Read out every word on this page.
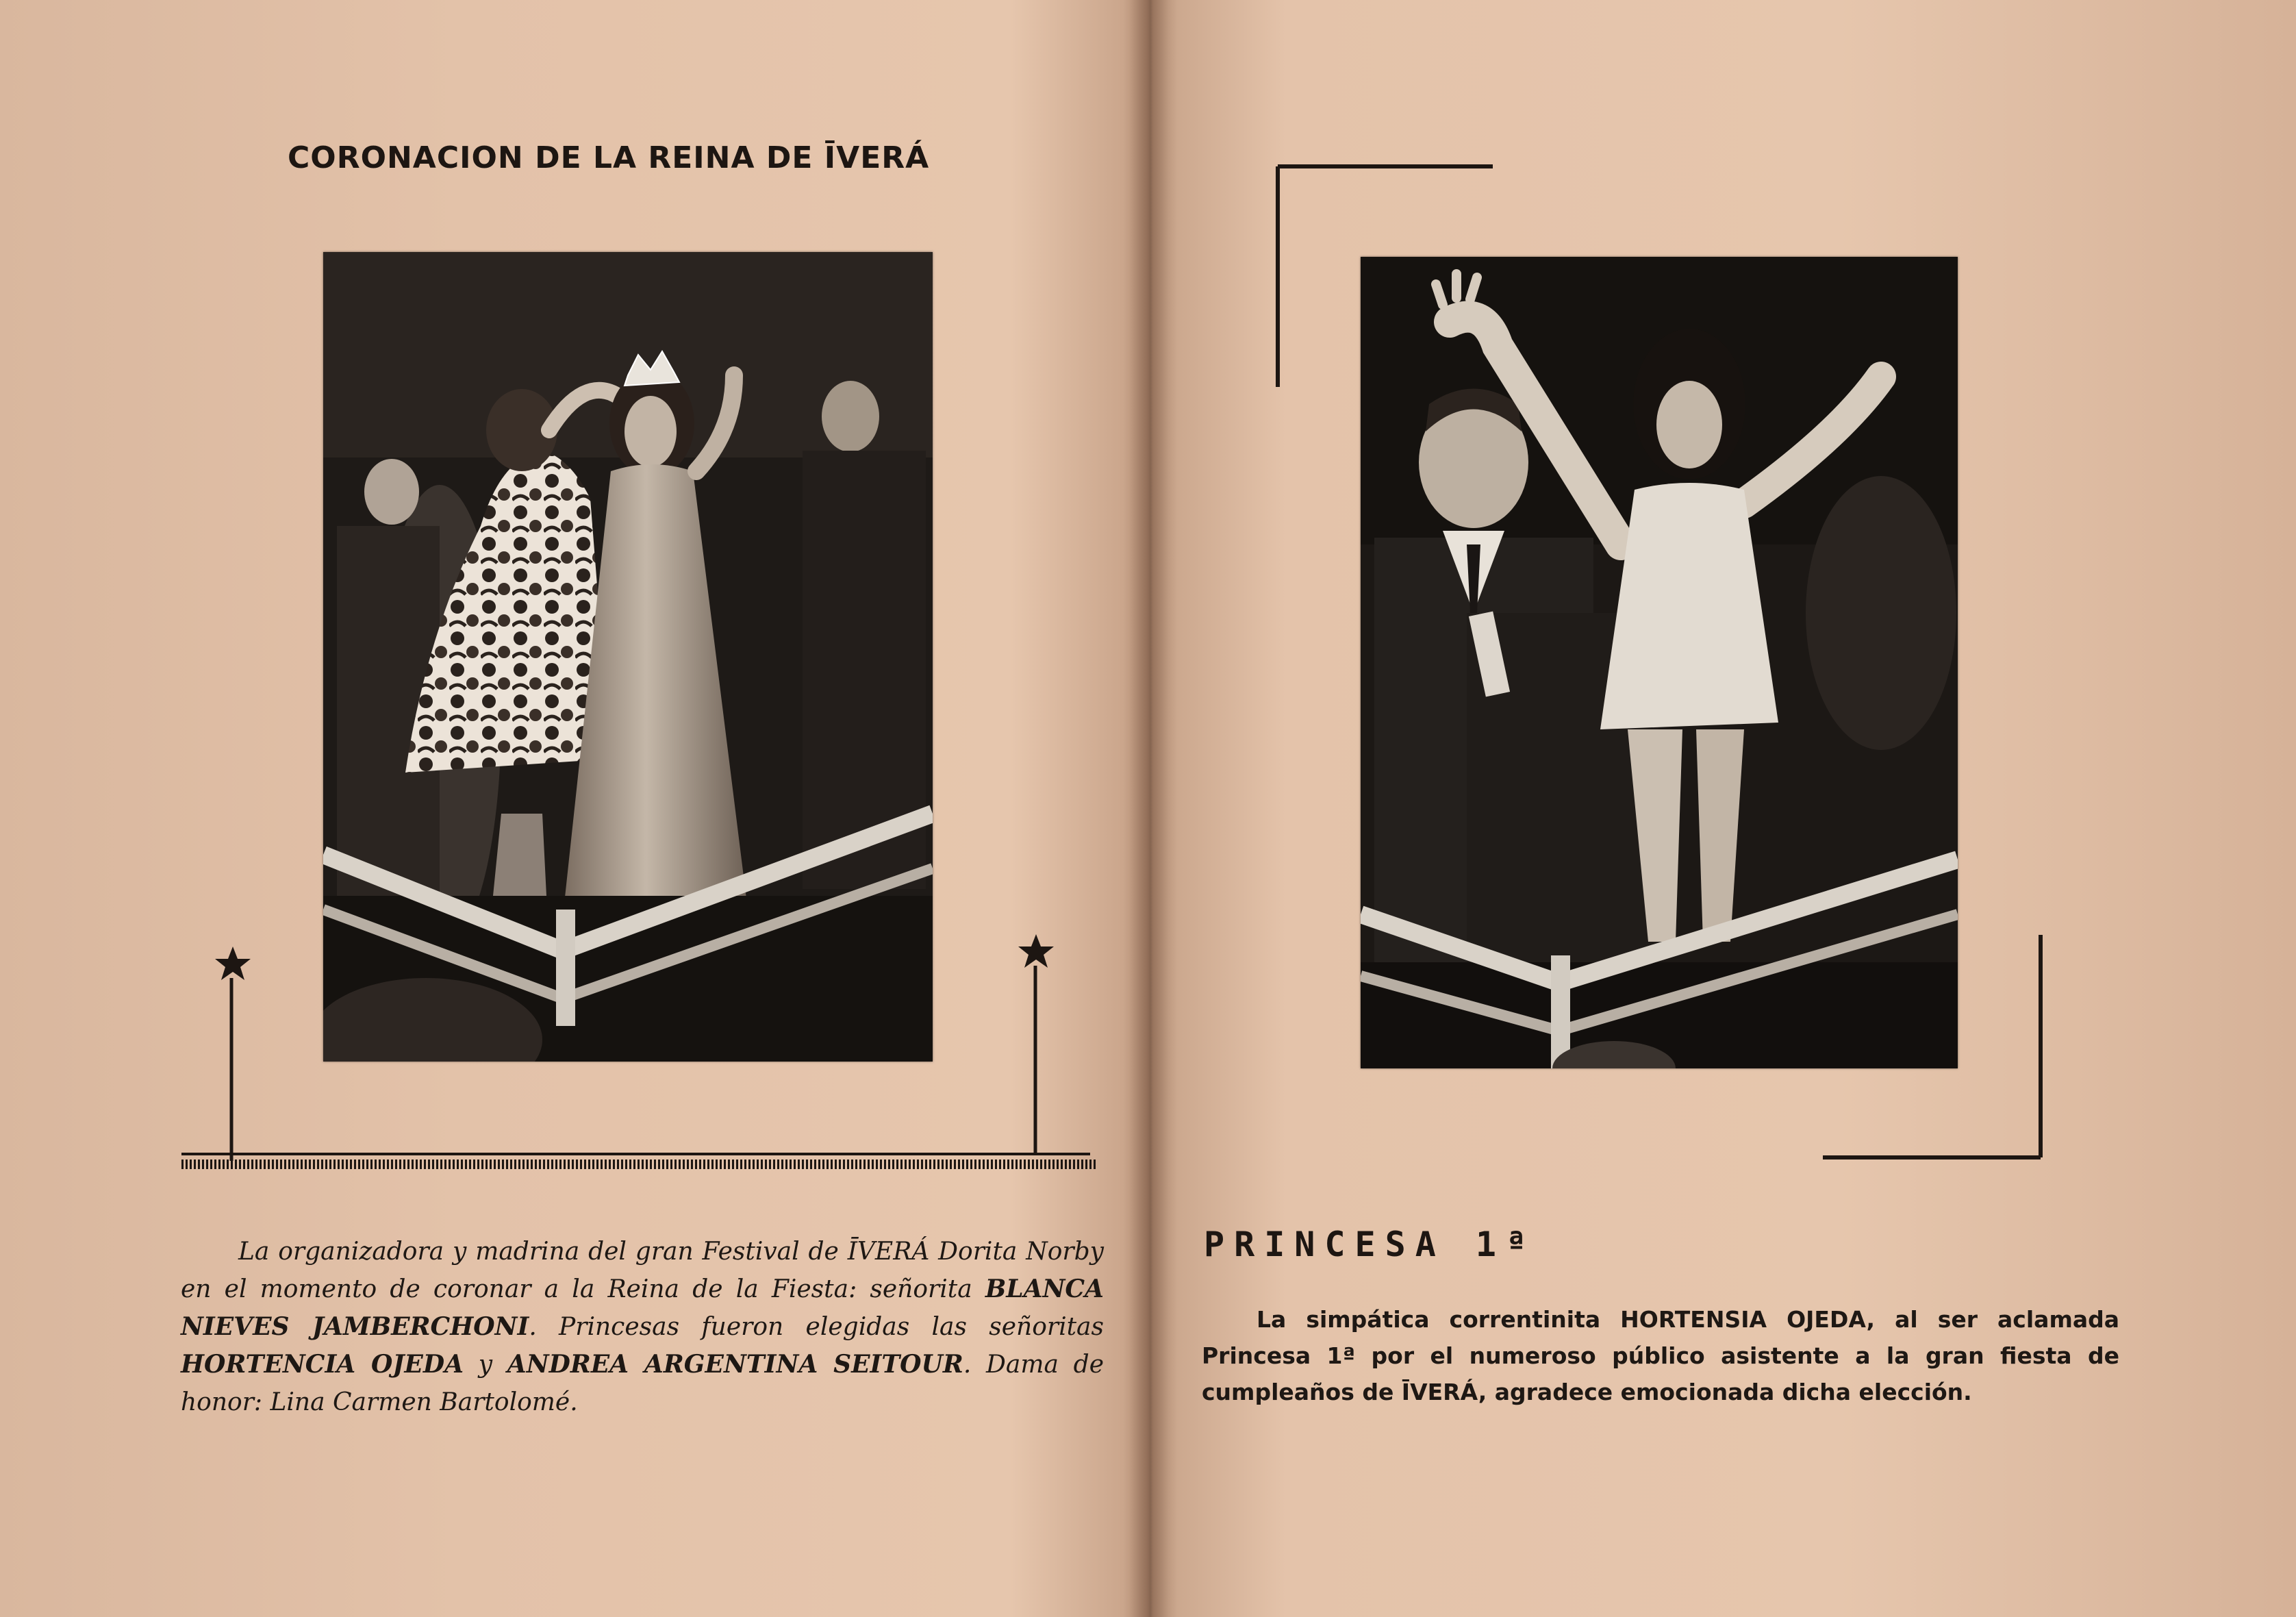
CORONACION DE LA REINA DE ĪVERÁ

La organizadora y madrina del gran Festival de ĪVERÁ Dorita Norby en el momento de coronar a la Reina de la Fiesta: señorita BLANCA NIEVES JAMBERCHONI. Princesas fueron elegidas las señoritas HORTENCIA OJEDA y ANDREA ARGENTINA SEITOUR. Dama de honor: Lina Carmen Bartolomé.

PRINCESA 1ª

La simpática correntinita HORTENSIA OJEDA, al ser aclamada Princesa 1ª por el numeroso público asistente a la gran fiesta de cumpleaños de ĪVERÁ, agradece emocionada dicha elección.
